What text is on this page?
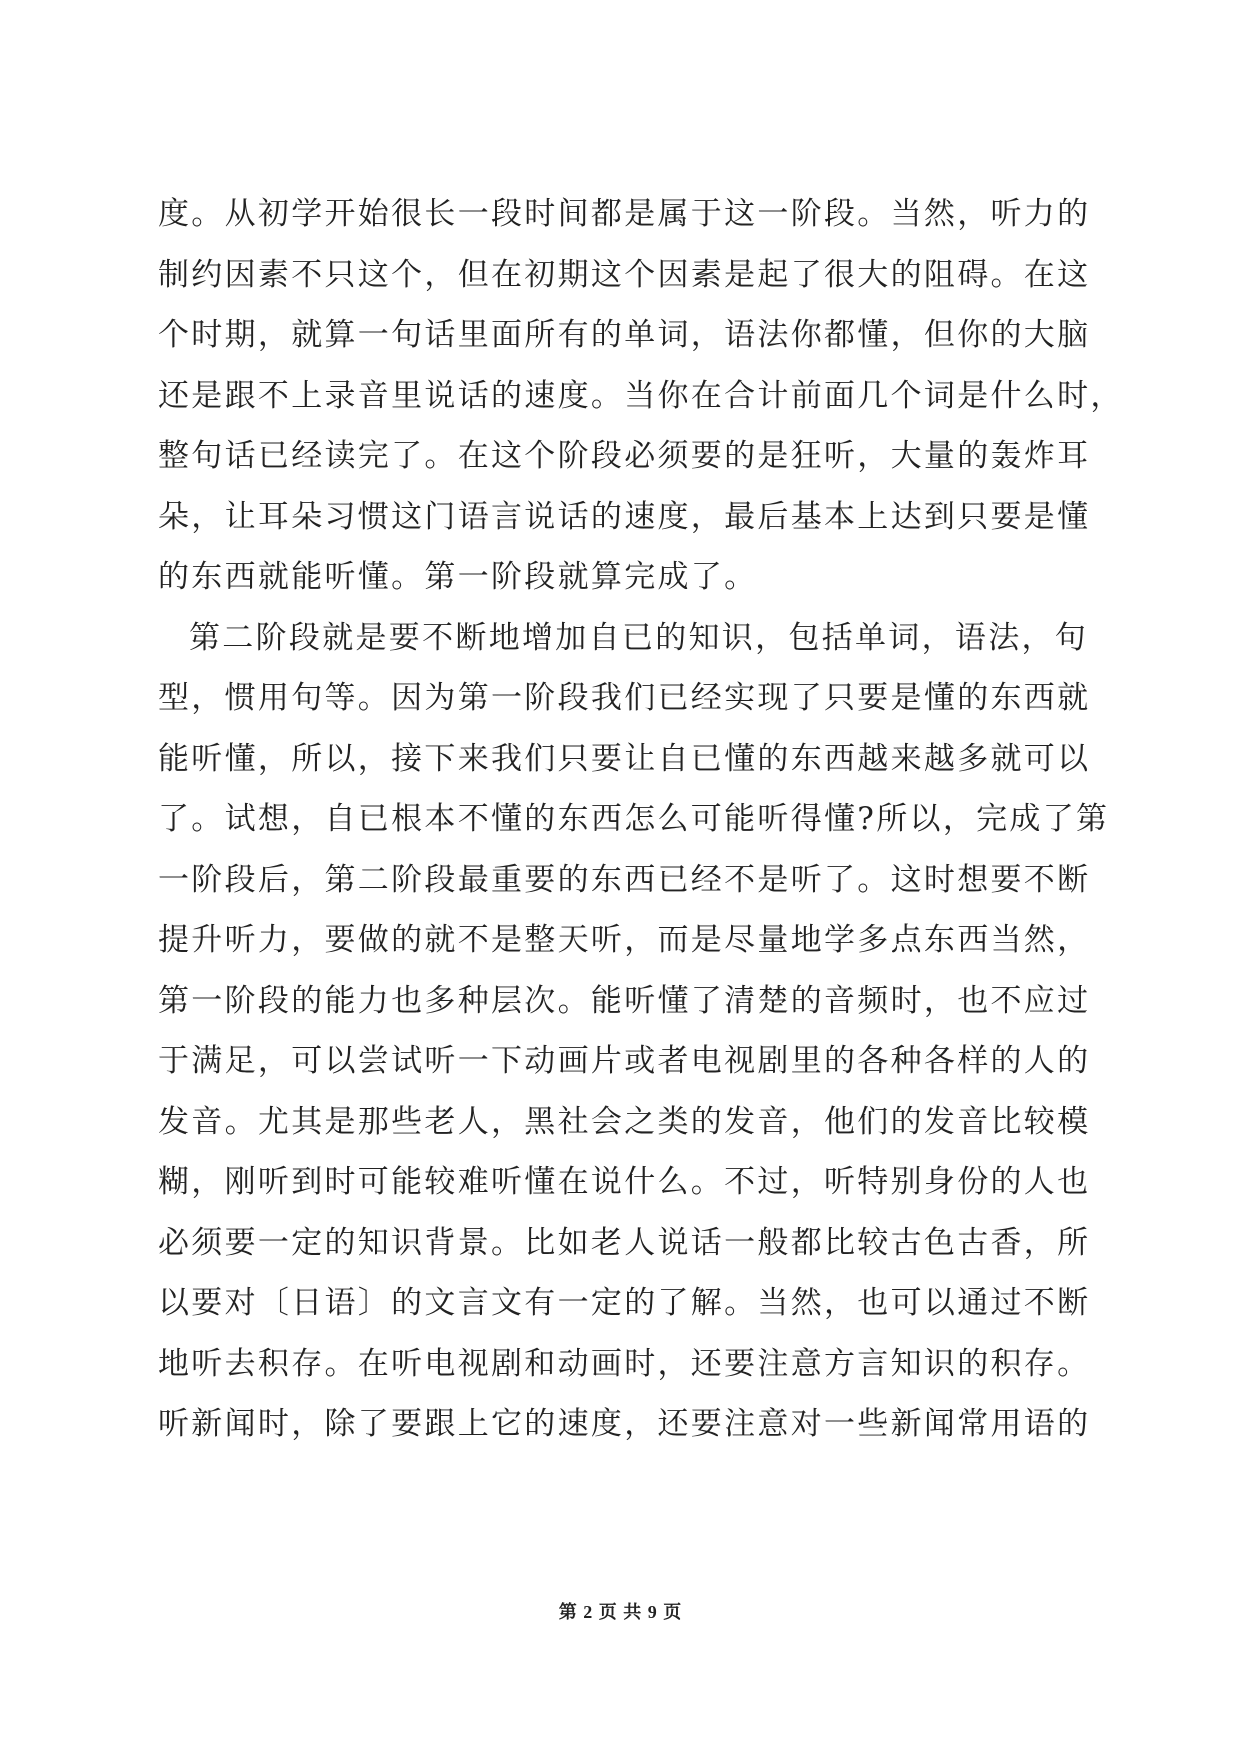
度。从初学开始很长一段时间都是属于这一阶段。当然，听力的
制约因素不只这个，但在初期这个因素是起了很大的阻碍。在这
个时期，就算一句话里面所有的单词，语法你都懂，但你的大脑
还是跟不上录音里说话的速度。当你在合计前面几个词是什么时，
整句话已经读完了。在这个阶段必须要的是狂听，大量的轰炸耳
朵，让耳朵习惯这门语言说话的速度，最后基本上达到只要是懂
的东西就能听懂。第一阶段就算完成了。
第二阶段就是要不断地增加自已的知识，包括单词，语法，句
型，惯用句等。因为第一阶段我们已经实现了只要是懂的东西就
能听懂，所以，接下来我们只要让自已懂的东西越来越多就可以
了。试想，自已根本不懂的东西怎么可能听得懂?所以，完成了第
一阶段后，第二阶段最重要的东西已经不是听了。这时想要不断
提升听力，要做的就不是整天听，而是尽量地学多点东西当然，
第一阶段的能力也多种层次。能听懂了清楚的音频时，也不应过
于满足，可以尝试听一下动画片或者电视剧里的各种各样的人的
发音。尤其是那些老人，黑社会之类的发音，他们的发音比较模
糊，刚听到时可能较难听懂在说什么。不过，听特别身份的人也
必须要一定的知识背景。比如老人说话一般都比较古色古香，所
以要对〔日语〕的文言文有一定的了解。当然，也可以通过不断
地听去积存。在听电视剧和动画时，还要注意方言知识的积存。
听新闻时，除了要跟上它的速度，还要注意对一些新闻常用语的
第 2 页 共 9 页
